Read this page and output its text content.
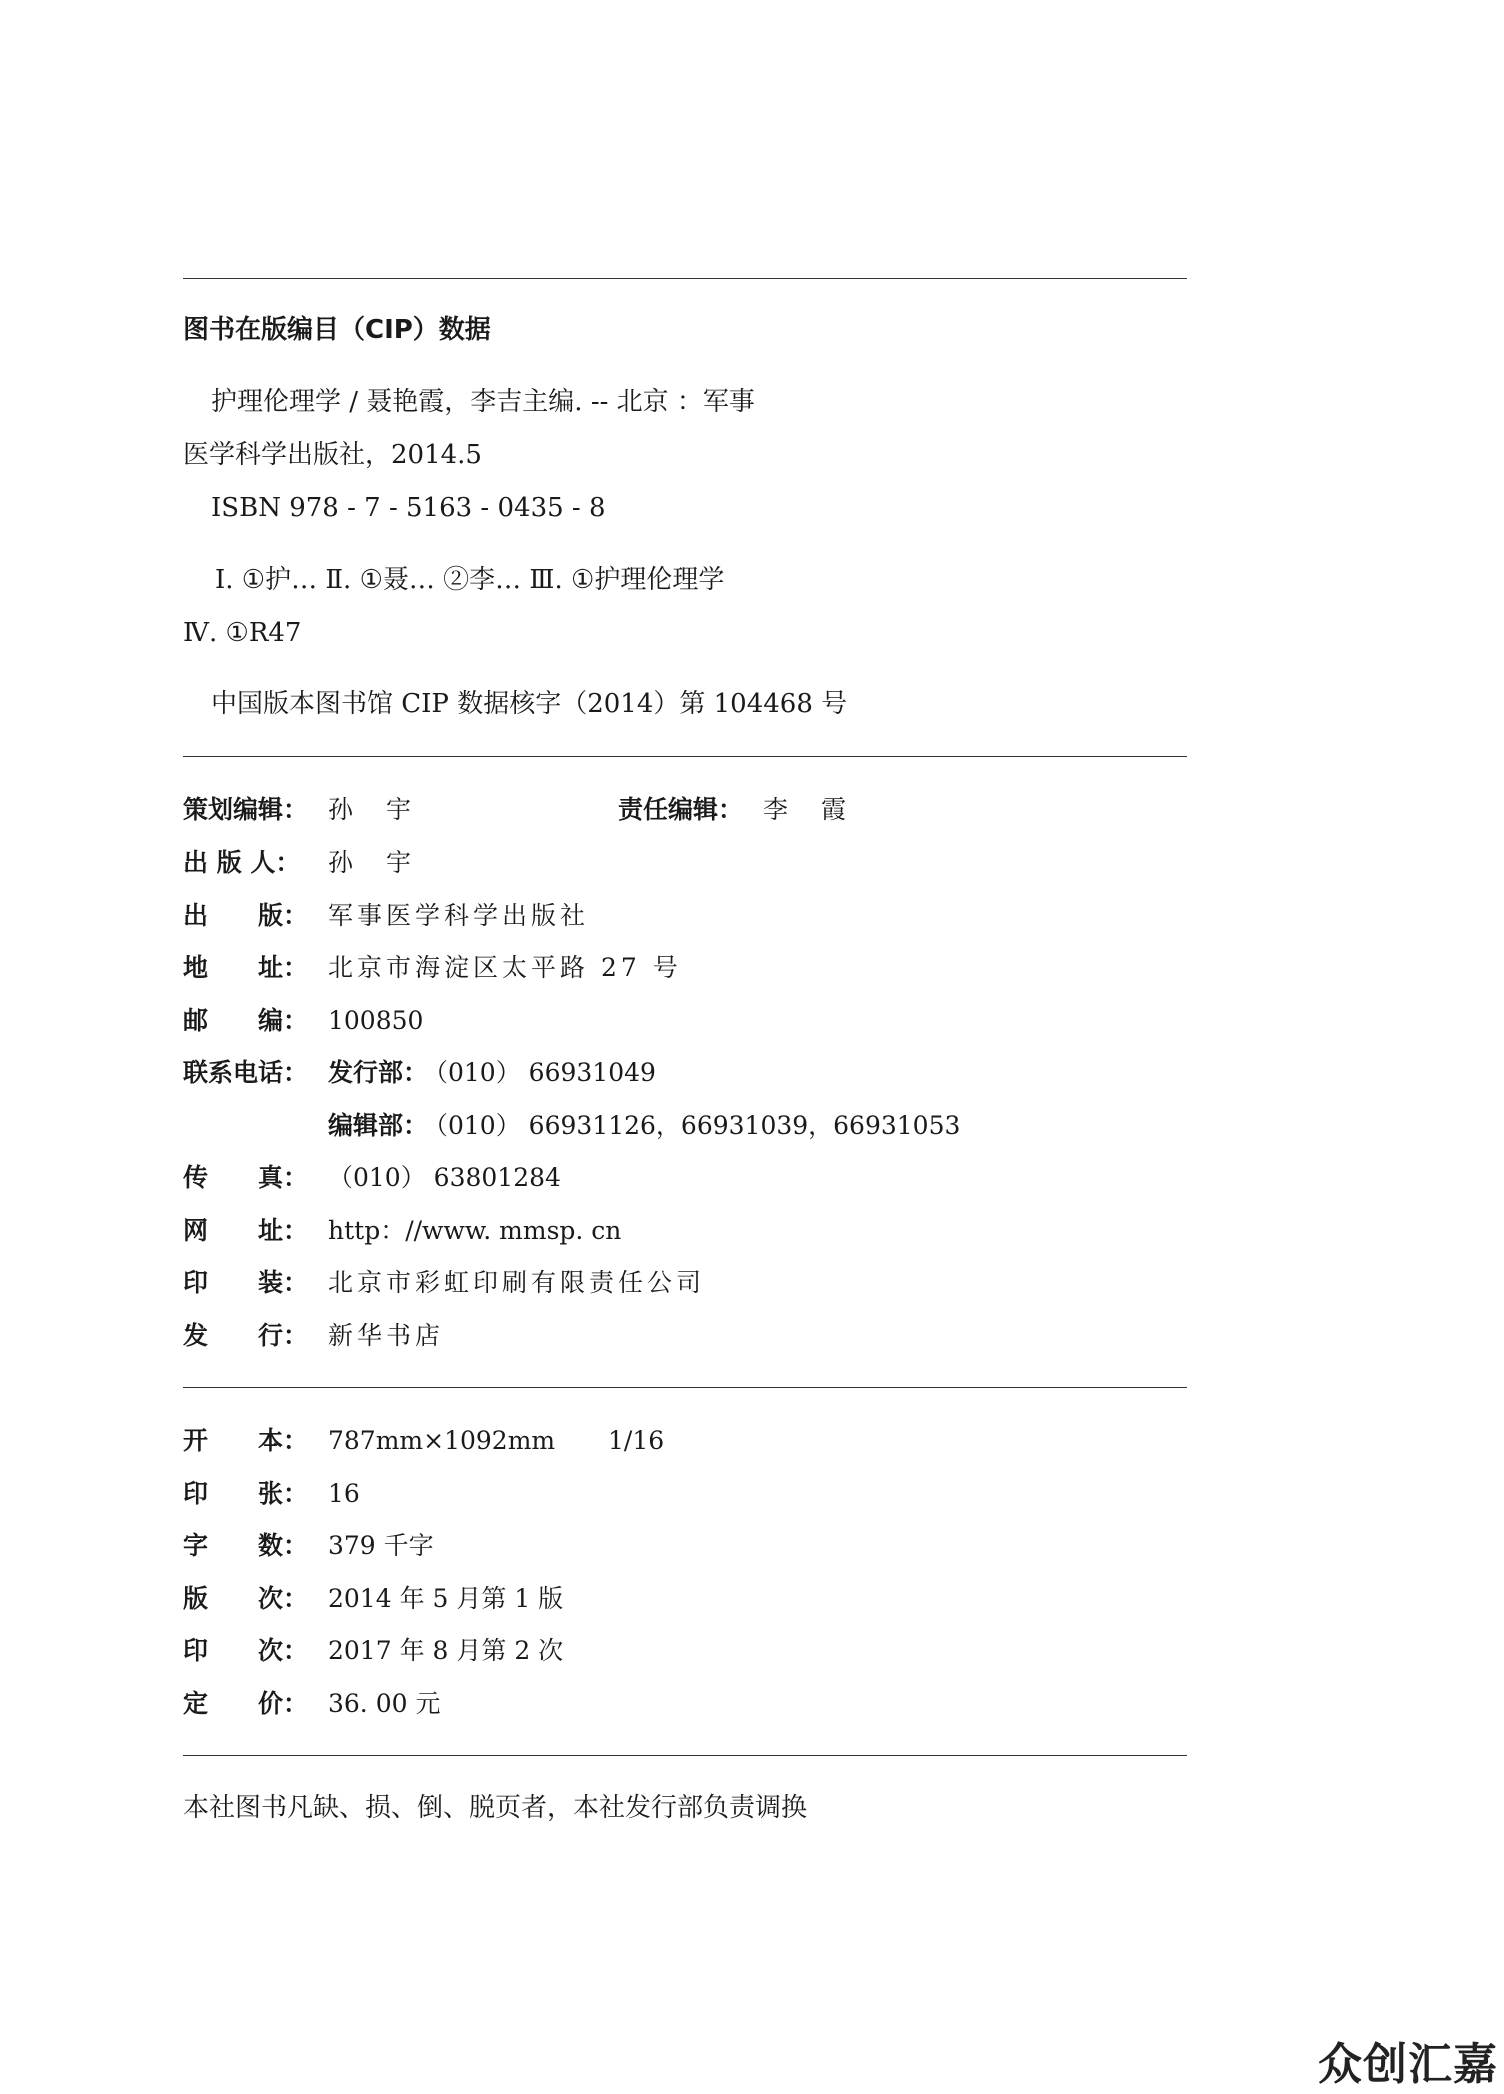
图书在版编目（CIP）数据
护理伦理学 / 聂艳霞，李吉主编. -- 北京 ：军事
医学科学出版社，2014.5
ISBN 978 - 7 - 5163 - 0435 - 8
Ⅰ. ①护… Ⅱ. ①聂… ②李… Ⅲ. ①护理伦理学
Ⅳ. ①R47
中国版本图书馆 CIP 数据核字（2014）第 104468 号
策划编辑： 孙　宇	责任编辑： 李　霞
出 版 人： 孙　宇
出　　版： 军事医学科学出版社
地　　址： 北京市海淀区太平路 27 号
邮　　编： 100850
联系电话： 发行部：
（010） 66931049
编辑部：
（010） 66931126，66931039，66931053
传　　真： （010） 63801284
网　　址： http：//www. mmsp. cn
印　　装： 北京市彩虹印刷有限责任公司
发　　行： 新华书店
开　　本： 787mm×1092mm 1/16
印　　张： 16
字　　数： 379 千字
版　　次： 2014 年 5 月第 1 版
印　　次： 2017 年 8 月第 2 次
定　　价： 36. 00 元
本社图书凡缺、损、倒、脱页者，本社发行部负责调换
众创汇嘉
